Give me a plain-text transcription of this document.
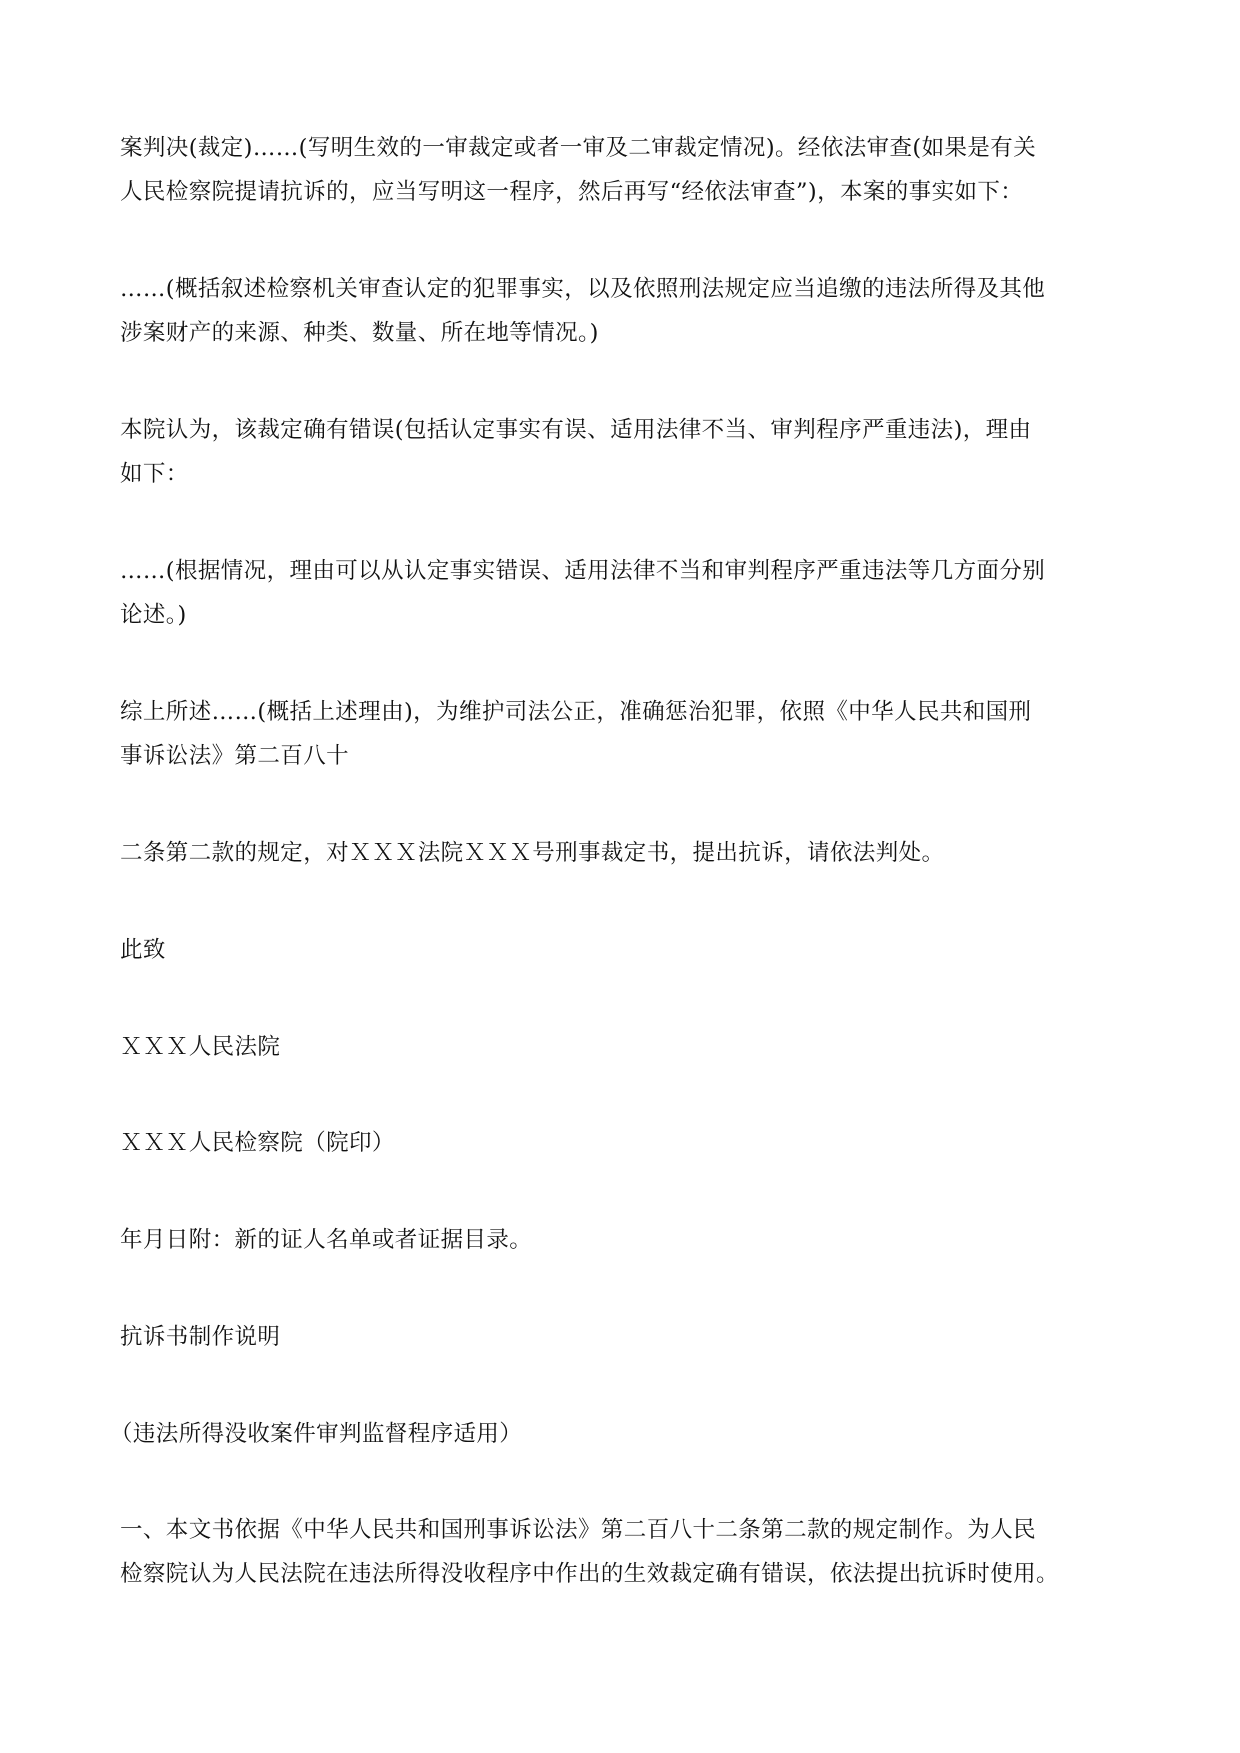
案判决(裁定)……(写明生效的一审裁定或者一审及二审裁定情况)。经依法审查(如果是有关
人民检察院提请抗诉的，应当写明这一程序，然后再写“经依法审查”)，本案的事实如下：
……(概括叙述检察机关审查认定的犯罪事实，以及依照刑法规定应当追缴的违法所得及其他
涉案财产的来源、种类、数量、所在地等情况。)
本院认为，该裁定确有错误(包括认定事实有误、适用法律不当、审判程序严重违法)，理由
如下：
……(根据情况，理由可以从认定事实错误、适用法律不当和审判程序严重违法等几方面分别
论述。)
综上所述……(概括上述理由)，为维护司法公正，准确惩治犯罪，依照《中华人民共和国刑
事诉讼法》第二百八十
二条第二款的规定，对ＸＸＸ法院ＸＸＸ号刑事裁定书，提出抗诉，请依法判处。
此致
ＸＸＸ人民法院
ＸＸＸ人民检察院（院印）
年月日附：新的证人名单或者证据目录。
抗诉书制作说明
（违法所得没收案件审判监督程序适用）
一、本文书依据《中华人民共和国刑事诉讼法》第二百八十二条第二款的规定制作。为人民
检察院认为人民法院在违法所得没收程序中作出的生效裁定确有错误，依法提出抗诉时使用。
